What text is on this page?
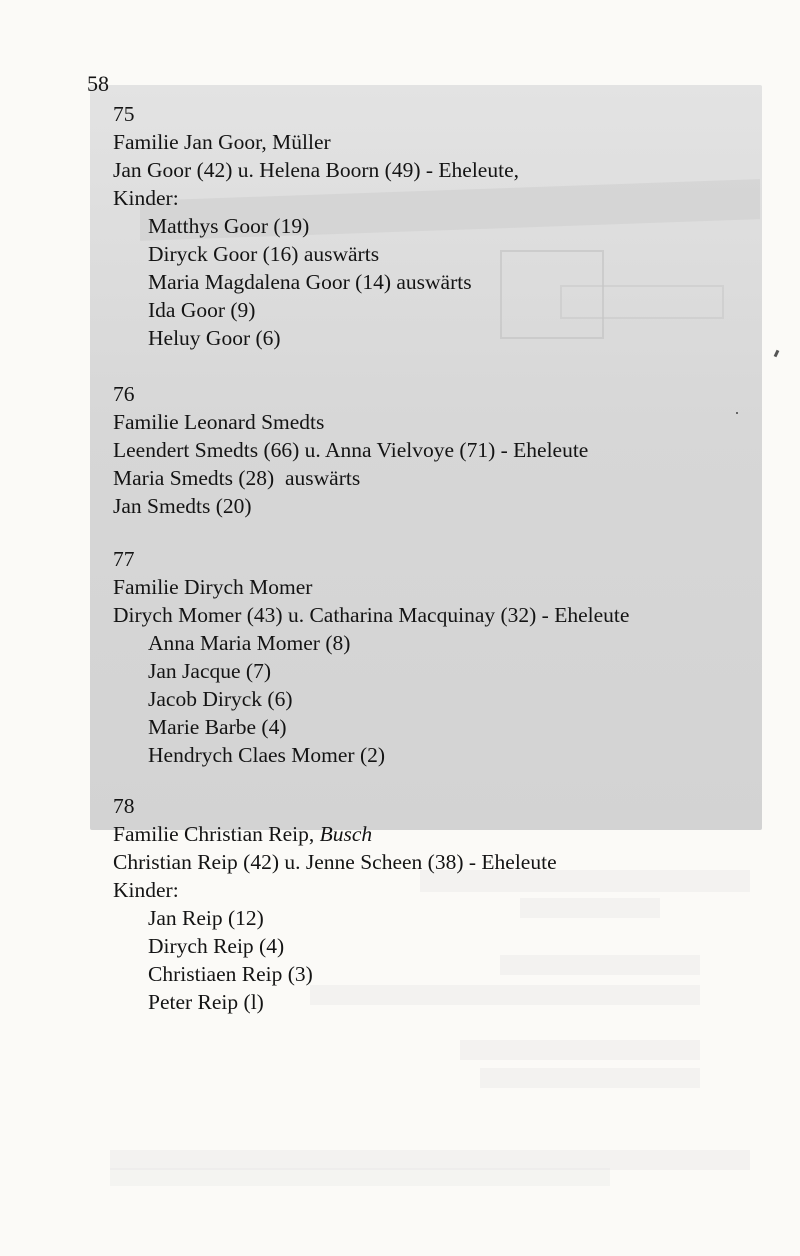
58
75
Familie Jan Goor, Müller
Jan Goor (42) u. Helena Boorn (49) - Eheleute,
Kinder:
Matthys Goor (19)
Diryck Goor (16) auswärts
Maria Magdalena Goor (14) auswärts
Ida Goor (9)
Heluy Goor (6)
76
Familie Leonard Smedts
Leendert Smedts (66) u. Anna Vielvoye (71) - Eheleute
Maria Smedts (28)  auswärts
Jan Smedts (20)
77
Familie Dirych Momer
Dirych Momer (43) u. Catharina Macquinay (32) - Eheleute
Anna Maria Momer (8)
Jan Jacque (7)
Jacob Diryck (6)
Marie Barbe (4)
Hendrych Claes Momer (2)
78
Familie Christian Reip, Busch
Christian Reip (42) u. Jenne Scheen (38) - Eheleute
Kinder:
Jan Reip (12)
Dirych Reip (4)
Christiaen Reip (3)
Peter Reip (l)
